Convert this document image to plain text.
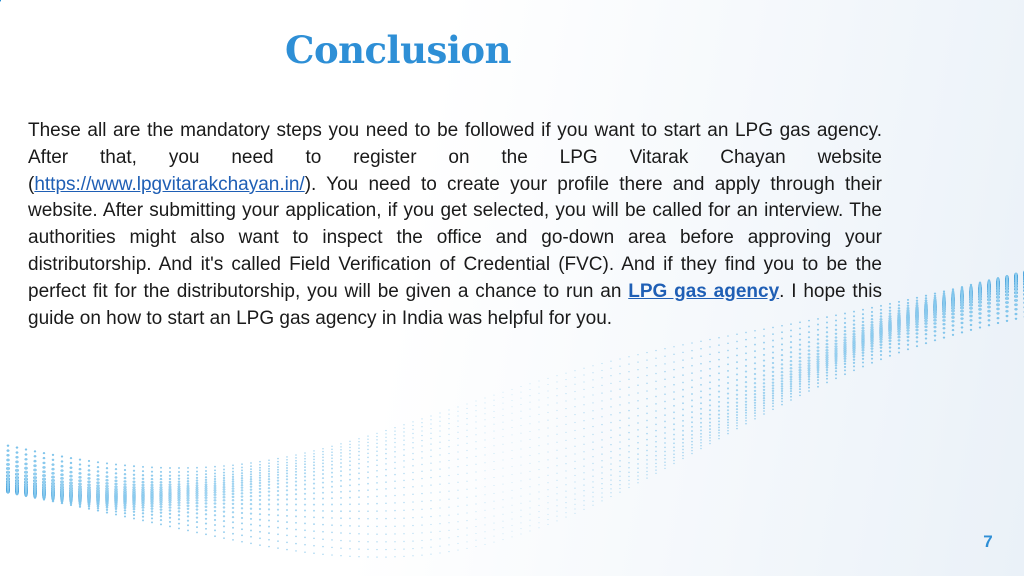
Conclusion

These all are the mandatory steps you need to be followed if you want to start an LPG gas agency. After that, you need to register on the LPG Vitarak Chayan website (https://www.lpgvitarakchayan.in/). You need to create your profile there and apply through their website. After submitting your application, if you get selected, you will be called for an interview. The authorities might also want to inspect the office and go-down area before approving your distributorship. And it's called Field Verification of Credential (FVC). And if they find you to be the perfect fit for the distributorship, you will be given a chance to run an LPG gas agency. I hope this guide on how to start an LPG gas agency in India was helpful for you.

7
